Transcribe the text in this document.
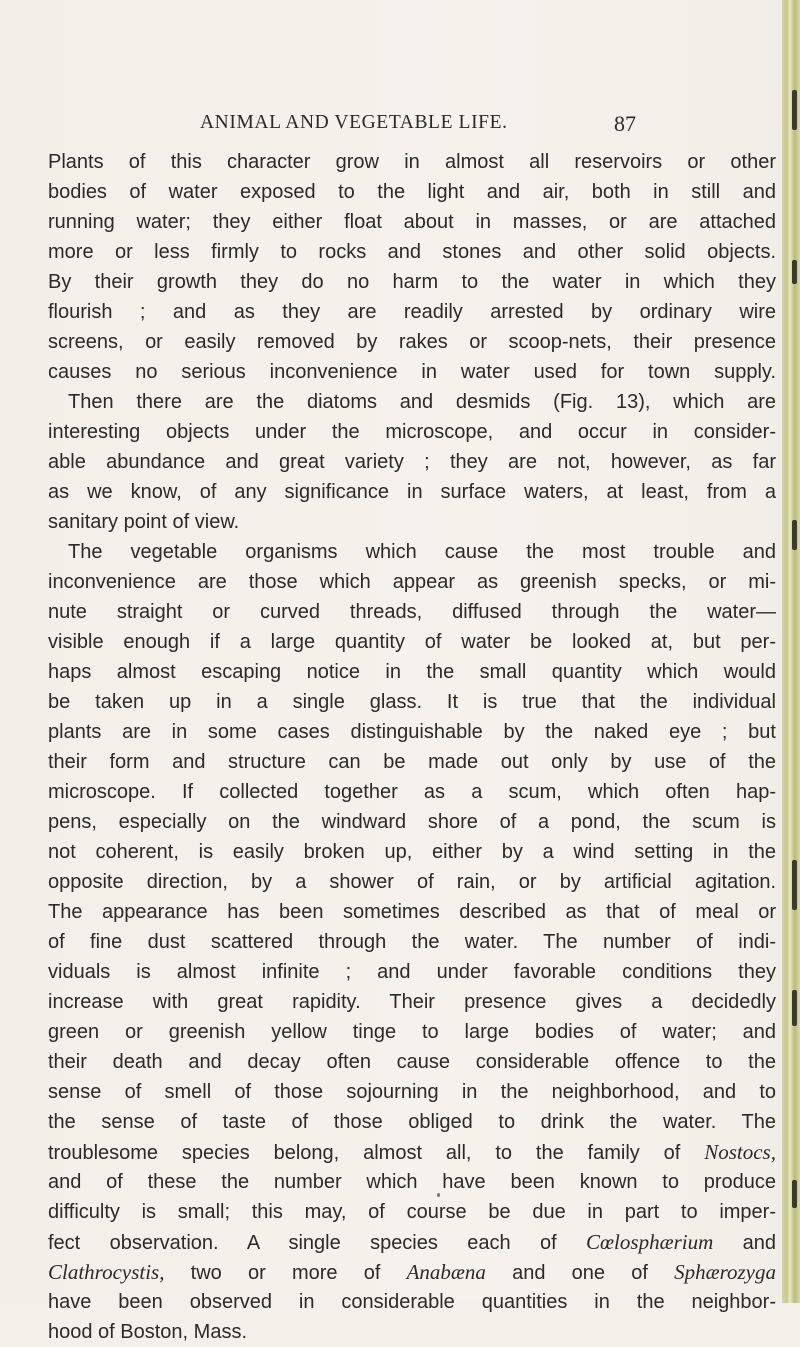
ANIMAL AND VEGETABLE LIFE.	87
Plants of this character grow in almost all reservoirs or other
bodies of water exposed to the light and air, both in still and
running water; they either float about in masses, or are attached
more or less firmly to rocks and stones and other solid objects.
By their growth they do no harm to the water in which they
flourish ; and as they are readily arrested by ordinary wire
screens, or easily removed by rakes or scoop-nets, their presence
causes no serious inconvenience in water used for town supply.
Then there are the diatoms and desmids (Fig. 13), which are
interesting objects under the microscope, and occur in consider-
able abundance and great variety ; they are not, however, as far
as we know, of any significance in surface waters, at least, from a
sanitary point of view.
The vegetable organisms which cause the most trouble and
inconvenience are those which appear as greenish specks, or mi-
nute straight or curved threads, diffused through the water—
visible enough if a large quantity of water be looked at, but per-
haps almost escaping notice in the small quantity which would
be taken up in a single glass. It is true that the individual
plants are in some cases distinguishable by the naked eye ; but
their form and structure can be made out only by use of the
microscope. If collected together as a scum, which often hap-
pens, especially on the windward shore of a pond, the scum is
not coherent, is easily broken up, either by a wind setting in the
opposite direction, by a shower of rain, or by artificial agitation.
The appearance has been sometimes described as that of meal or
of fine dust scattered through the water. The number of indi-
viduals is almost infinite ; and under favorable conditions they
increase with great rapidity. Their presence gives a decidedly
green or greenish yellow tinge to large bodies of water; and
their death and decay often cause considerable offence to the
sense of smell of those sojourning in the neighborhood, and to
the sense of taste of those obliged to drink the water. The
troublesome species belong, almost all, to the family of Nostocs,
and of these the number which have been known to produce
difficulty is small; this may, of course be due in part to imper-
fect observation. A single species each of Cœlosphærium and
Clathrocystis, two or more of Anabæna and one of Sphærozyga
have been observed in considerable quantities in the neighbor-
hood of Boston, Mass.
